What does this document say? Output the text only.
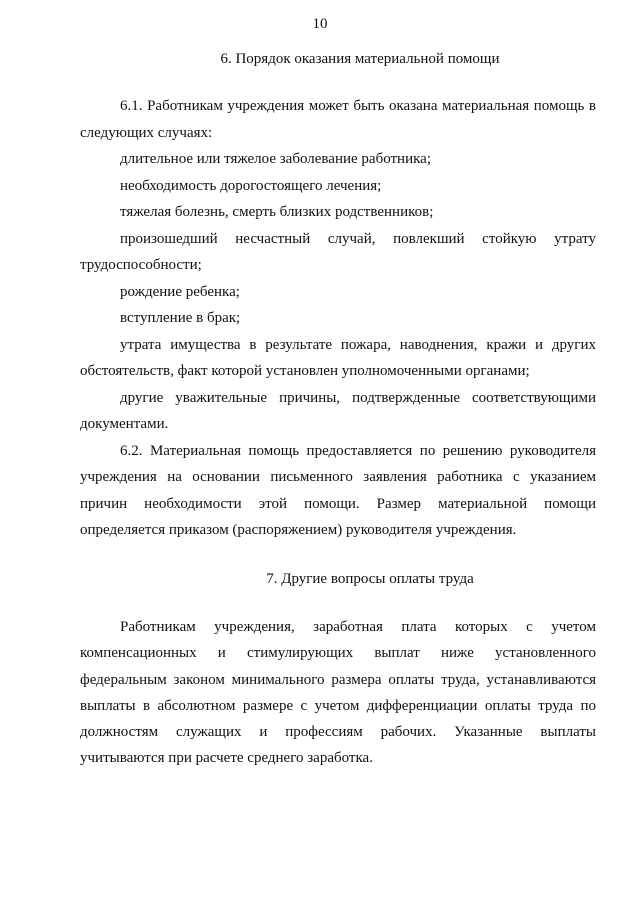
10
6. Порядок оказания материальной помощи

6.1. Работникам учреждения может быть оказана материальная помощь в следующих случаях:

длительное или тяжелое заболевание работника;

необходимость дорогостоящего лечения;

тяжелая болезнь, смерть близких родственников;

произошедший несчастный случай, повлекший стойкую утрату трудоспособности;

рождение ребенка;

вступление в брак;

утрата имущества в результате пожара, наводнения, кражи и других обстоятельств, факт которой установлен уполномоченными органами;

другие уважительные причины, подтвержденные соответствующими документами.

6.2. Материальная помощь предоставляется по решению руководителя учреждения на основании письменного заявления работника с указанием причин необходимости этой помощи. Размер материальной помощи определяется приказом (распоряжением) руководителя учреждения.

7. Другие вопросы оплаты труда

Работникам учреждения, заработная плата которых с учетом компенсационных и стимулирующих выплат ниже установленного федеральным законом минимального размера оплаты труда, устанавливаются выплаты в абсолютном размере с учетом дифференциации оплаты труда по должностям служащих и профессиям рабочих. Указанные выплаты учитываются при расчете среднего заработка.
